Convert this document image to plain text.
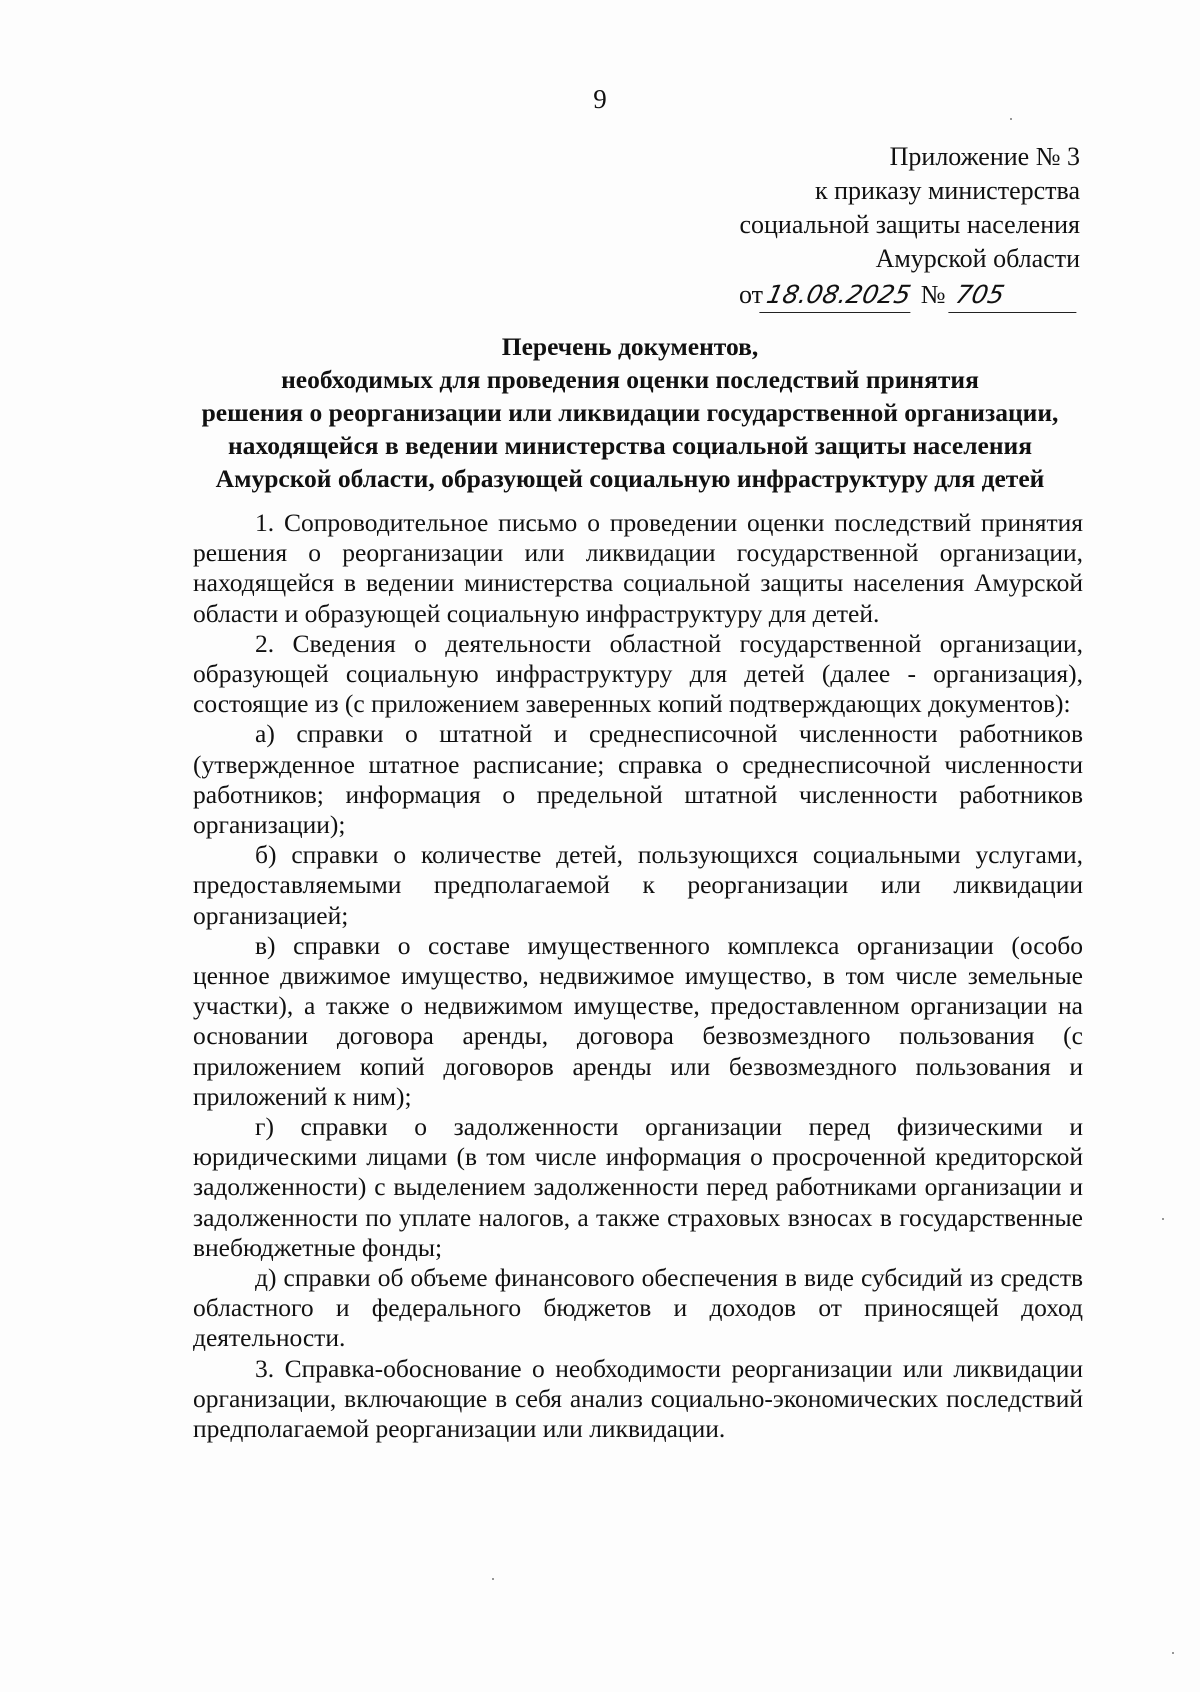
9
Приложение № 3
к приказу министерства
социальной защиты населения
Амурской области
от18.08.2025 № 705
Перечень документов,
необходимых для проведения оценки последствий принятия
решения о реорганизации или ликвидации государственной организации,
находящейся в ведении министерства социальной защиты населения
Амурской области, образующей социальную инфраструктуру для детей

1. Сопроводительное письмо о проведении оценки последствий принятия решения о реорганизации или ликвидации государственной организации, находящейся в ведении министерства социальной защиты населения Амурской области и образующей социальную инфраструктуру для детей.

2. Сведения о деятельности областной государственной организации, образующей социальную инфраструктуру для детей (далее - организация), состоящие из (с приложением заверенных копий подтверждающих документов):

а) справки о штатной и среднесписочной численности работников (утвержденное штатное расписание; справка о среднесписочной численности работников; информация о предельной штатной численности работников организации);

б) справки о количестве детей, пользующихся социальными услугами, предоставляемыми предполагаемой к реорганизации или ликвидации организацией;

в) справки о составе имущественного комплекса организации (особо ценное движимое имущество, недвижимое имущество, в том числе земельные участки), а также о недвижимом имуществе, предоставленном организации на основании договора аренды, договора безвозмездного пользования (с приложением копий договоров аренды или безвозмездного пользования и приложений к ним);

г) справки о задолженности организации перед физическими и юридическими лицами (в том числе информация о просроченной кредиторской задолженности) с выделением задолженности перед работниками организации и задолженности по уплате налогов, а также страховых взносах в государственные внебюджетные фонды;

д) справки об объеме финансового обеспечения в виде субсидий из средств областного и федерального бюджетов и доходов от приносящей доход деятельности.

3. Справка-обоснование о необходимости реорганизации или ликвидации организации, включающие в себя анализ социально-экономических последствий предполагаемой реорганизации или ликвидации.
